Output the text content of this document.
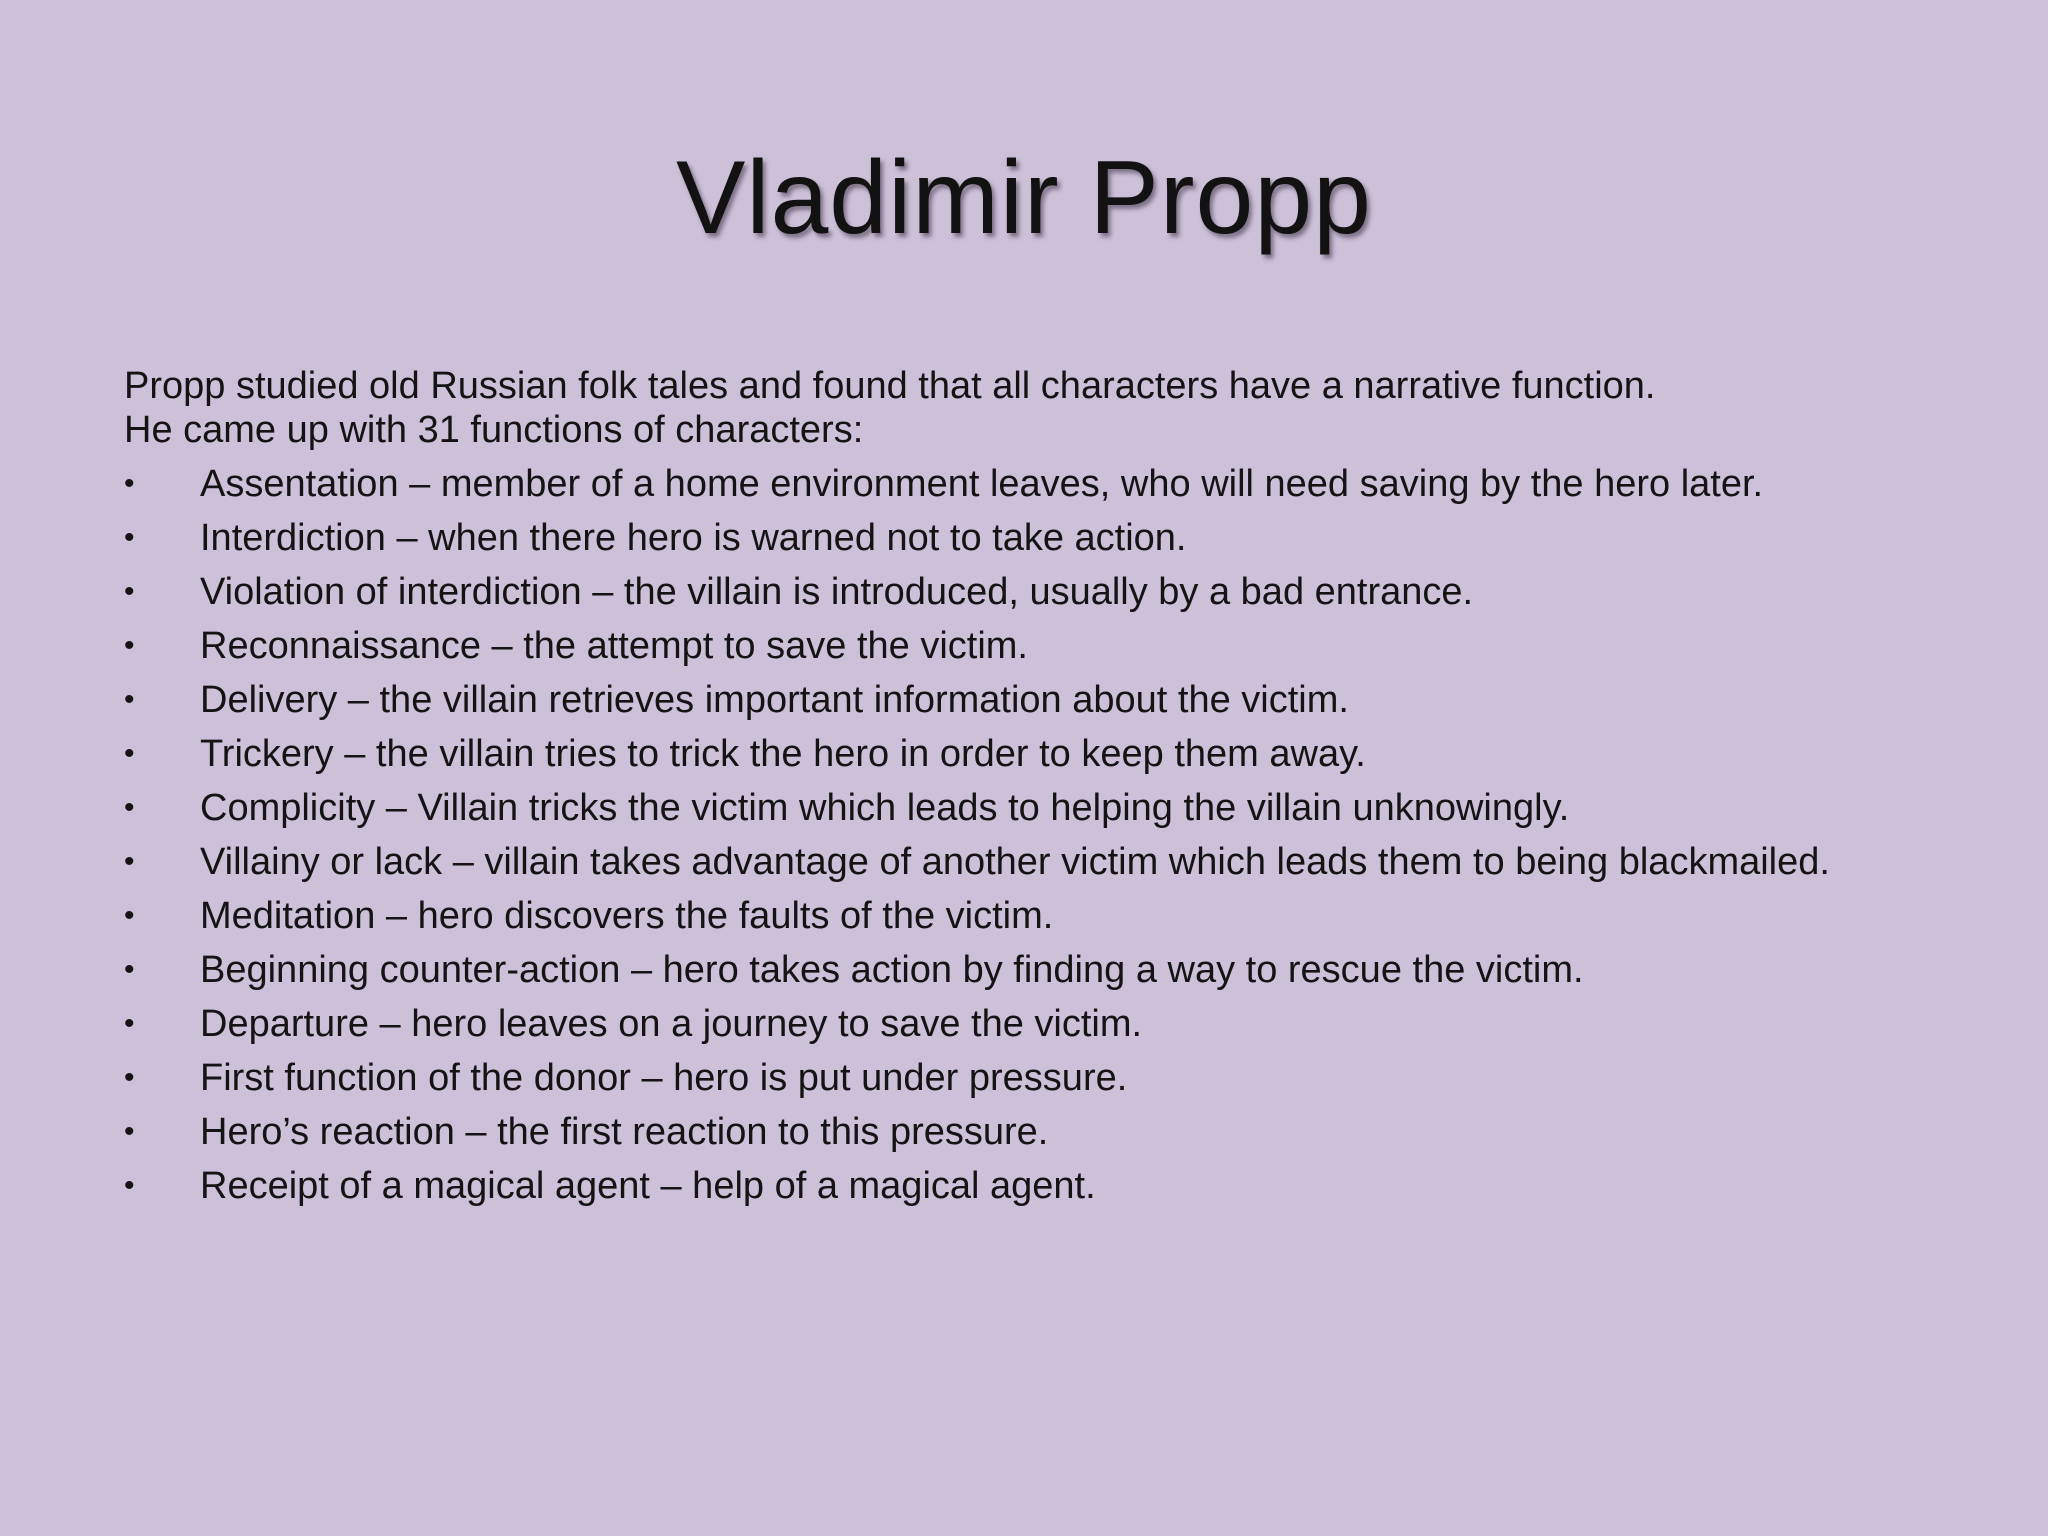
Vladimir Propp

Propp studied old Russian folk tales and found that all characters have a narrative function.

He came up with 31 functions of characters:

•	Assentation – member of a home environment leaves, who will need saving by the hero later.
•	Interdiction – when there hero is warned not to take action.
•	Violation of interdiction – the villain is introduced, usually by a bad entrance.
•	Reconnaissance – the attempt to save the victim.
•	Delivery – the villain retrieves important information about the victim.
•	Trickery – the villain tries to trick the hero in order to keep them away.
•	Complicity – Villain tricks the victim which leads to helping the villain unknowingly.
•	Villainy or lack – villain takes advantage of another victim which leads them to being blackmailed.
•	Meditation – hero discovers the faults of the victim.
•	Beginning counter-action – hero takes action by finding a way to rescue the victim.
•	Departure – hero leaves on a journey to save the victim.
•	First function of the donor – hero is put under pressure.
•	Hero’s reaction – the first reaction to this pressure.
•	Receipt of a magical agent – help of a magical agent.
